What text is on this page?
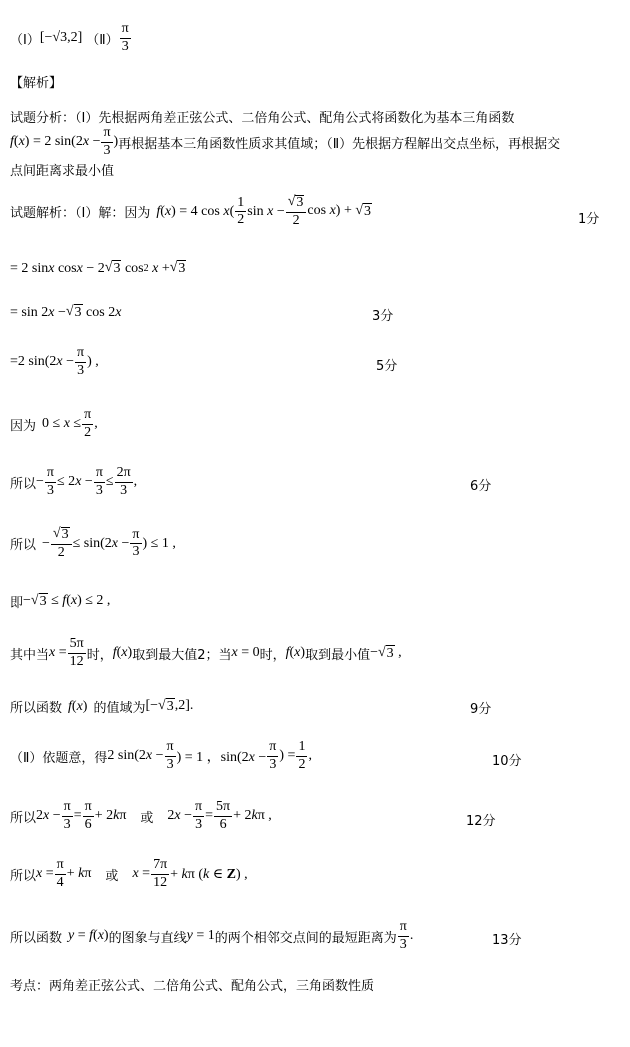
（Ⅰ） [−√3,2] （Ⅱ） $\frac{\pi}{3}$
【解析】
试题分析：（Ⅰ）先根据两角差正弦公式、二倍角公式、配角公式将函数化为基本三角函数
f(x) = 2 $\sin(2x - \frac{\pi}{3}$ ) 再根据基本三角函数性质求其值域；（Ⅱ）先根据方程解出交点坐标，再根据交
点间距离求最小值
试题解析：（Ⅰ）解：因为 f(x) = 4 $\cos x( \frac{1}{2}$ $\sin x - \frac{√ 3}{2}$ cos x) + √ 3
1分
= 2 sin x cos x − 2 √ 3 cos 2
x + √ 3
= sin 2 x − √ 3 cos 2 x	3分
=2 $\sin(2x - \frac{\pi}{3}$ ) ,	5分
因为 $0 \le x \le \frac{\pi}{2}$ ,
所以 − $\frac{\pi}{3} \le 2x - \frac{\pi}{3} \le \frac{2\pi}{3}$ ,	6分
所以 − $\frac{√ 3}{2} \le \sin(2x - \frac{\pi}{3}$ ) ≤ 1 ,
即 −√ 3 ≤ f(x) ≤ 2 ,
其中当 $x = \frac{5\pi}{12}$ 时， f(x) 取到最大值2；当 x = 0 时， f(x) 取到最小值 −√ 3 ,
所以函数 f(x) 的值域为 [−√ 3 ,2].	9分
（Ⅱ）依题意，得 2 $\sin(2x - \frac{\pi}{3}$ ) = 1 ，$\sin(2x - \frac{\pi}{3}$ ) = $\frac{1}{2}$ ,	10分
所以 $2x - \frac{\pi}{3} = \frac{\pi}{6} + 2k\pi$ 或 $2x - \frac{\pi}{3} = \frac{5\pi}{6} + 2k\pi$ ,	12分
所以 $x = \frac{\pi}{4} + k\pi$ 或 $x = \frac{7\pi}{12} + k\pi$ (k ∈ Z) ,
所以函数 y = f(x) 的图象与直线 y = 1 的两个相邻交点间的最短距离为 $\frac{\pi}{3}$ .	13分
考点：两角差正弦公式、二倍角公式、配角公式，三角函数性质
